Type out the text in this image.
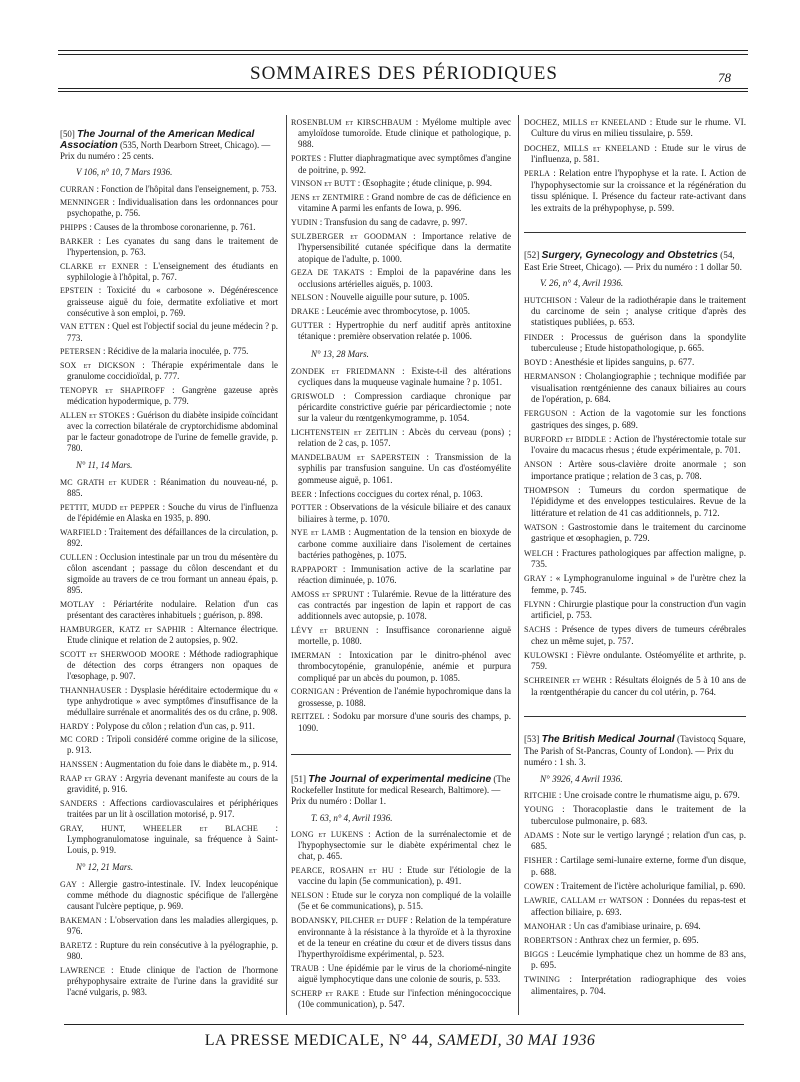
SOMMAIRES DES PÉRIODIQUES	78

[50] The Journal of the American Medical Association (535, North Dearborn Street, Chicago). — Prix du numéro : 25 cents.

V 106, n° 10, 7 Mars 1936.

CURRAN : Fonction de l'hôpital dans l'enseignement, p. 753.

MENNINGER : Individualisation dans les ordonnances pour psychopathe, p. 756.

PHIPPS : Causes de la thrombose coronarienne, p. 761.

BARKER : Les cyanates du sang dans le traitement de l'hypertension, p. 763.

CLARKE et EXNER : L'enseignement des étudiants en syphilologie à l'hôpital, p. 767.

EPSTEIN : Toxicité du « carbosone ». Dégénérescence graisseuse aiguë du foie, dermatite exfoliative et mort consécutive à son emploi, p. 769.

VAN ETTEN : Quel est l'objectif social du jeune médecin ? p. 773.

PETERSEN : Récidive de la malaria inoculée, p. 775.

SOX et DICKSON : Thérapie expérimentale dans le granulome coccidioïdal, p. 777.

TENOPYR et SHAPIROFF : Gangrène gazeuse après médication hypodermique, p. 779.

ALLEN et STOKES : Guérison du diabète insipide coïncidant avec la correction bilatérale de cryptorchidisme abdominal par le facteur gonadotrope de l'urine de femelle gravide, p. 780.

N° 11, 14 Mars.

MC GRATH et KUDER : Réanimation du nouveau-né, p. 885.

PETTIT, MUDD et PEPPER : Souche du virus de l'influenza de l'épidémie en Alaska en 1935, p. 890.

WARFIELD : Traitement des défaillances de la circulation, p. 892.

CULLEN : Occlusion intestinale par un trou du mésentère du côlon ascendant ; passage du côlon descendant et du sigmoïde au travers de ce trou formant un anneau épais, p. 895.

MOTLAY : Périartérite nodulaire. Relation d'un cas présentant des caractères inhabituels ; guérison, p. 898.

HAMBURGER, KATZ et SAPHIR : Alternance électrique. Etude clinique et relation de 2 autopsies, p. 902.

SCOTT et SHERWOOD MOORE : Méthode radiographique de détection des corps étrangers non opaques de l'œsophage, p. 907.

THANNHAUSER : Dysplasie héréditaire ectodermique du « type anhydrotique » avec symptômes d'insuffisance de la médullaire surrénale et anormalités des os du crâne, p. 908.

HARDY : Polypose du côlon ; relation d'un cas, p. 911.

MC CORD : Tripoli considéré comme origine de la silicose, p. 913.

HANSSEN : Augmentation du foie dans le diabète m., p. 914.

RAAP et GRAY : Argyria devenant manifeste au cours de la gravidité, p. 916.

SANDERS : Affections cardiovasculaires et périphériques traitées par un lit à oscillation motorisé, p. 917.

GRAY, HUNT, WHEELER et BLACHE : Lymphogranulomatose inguinale, sa fréquence à Saint-Louis, p. 919.

N° 12, 21 Mars.

GAY : Allergie gastro-intestinale. IV. Index leucopénique comme méthode du diagnostic spécifique de l'allergène causant l'ulcère peptique, p. 969.

BAKEMAN : L'observation dans les maladies allergiques, p. 976.

BARETZ : Rupture du rein consécutive à la pyélographie, p. 980.

LAWRENCE : Etude clinique de l'action de l'hormone préhypophysaire extraite de l'urine dans la gravidité sur l'acné vulgaris, p. 983.

ROSENBLUM et KIRSCHBAUM : Myélome multiple avec amyloïdose tumoroïde. Etude clinique et pathologique, p. 988.

PORTES : Flutter diaphragmatique avec symptômes d'angine de poitrine, p. 992.

VINSON et BUTT : Œsophagite ; étude clinique, p. 994.

JENS et ZENTMIRE : Grand nombre de cas de déficience en vitamine A parmi les enfants de Iowa, p. 996.

YUDIN : Transfusion du sang de cadavre, p. 997.

SULZBERGER et GOODMAN : Importance relative de l'hypersensibilité cutanée spécifique dans la dermatite atopique de l'adulte, p. 1000.

GEZA DE TAKATS : Emploi de la papavérine dans les occlusions artérielles aiguës, p. 1003.

NELSON : Nouvelle aiguille pour suture, p. 1005.

DRAKE : Leucémie avec thrombocytose, p. 1005.

GUTTER : Hypertrophie du nerf auditif après antitoxine tétanique : première observation relatée p. 1006.

N° 13, 28 Mars.

ZONDEK et FRIEDMANN : Existe-t-il des altérations cycliques dans la muqueuse vaginale humaine ? p. 1051.

GRISWOLD : Compression cardiaque chronique par péricardite constrictive guérie par péricardiectomie ; note sur la valeur du rœntgenkymogramme, p. 1054.

LICHTENSTEIN et ZEITLIN : Abcès du cerveau (pons) ; relation de 2 cas, p. 1057.

MANDELBAUM et SAPERSTEIN : Transmission de la syphilis par transfusion sanguine. Un cas d'ostéomyélite gommeuse aiguë, p. 1061.

BEER : Infections coccigues du cortex rénal, p. 1063.

POTTER : Observations de la vésicule biliaire et des canaux biliaires à terme, p. 1070.

NYE et LAMB : Augmentation de la tension en bioxyde de carbone comme auxiliaire dans l'isolement de certaines bactéries pathogènes, p. 1075.

RAPPAPORT : Immunisation active de la scarlatine par réaction diminuée, p. 1076.

AMOSS et SPRUNT : Tularémie. Revue de la littérature des cas contractés par ingestion de lapin et rapport de cas additionnels avec autopsie, p. 1078.

LÉVY et BRUENN : Insuffisance coronarienne aiguë mortelle, p. 1080.

IMERMAN : Intoxication par le dinitro-phénol avec thrombocytopénie, granulopénie, anémie et purpura compliqué par un abcès du poumon, p. 1085.

CORNIGAN : Prévention de l'anémie hypochromique dans la grossesse, p. 1088.

REITZEL : Sodoku par morsure d'une souris des champs, p. 1090.

[51] The Journal of experimental medicine (The Rockefeller Institute for medical Research, Baltimore). — Prix du numéro : Dollar 1.

T. 63, n° 4, Avril 1936.

LONG et LUKENS : Action de la surrénalectomie et de l'hypophysectomie sur le diabète expérimental chez le chat, p. 465.

PEARCE, ROSAHN et HU : Etude sur l'étiologie de la vaccine du lapin (5e communication), p. 491.

NELSON : Etude sur le coryza non compliqué de la volaille (5e et 6e communications), p. 515.

BODANSKY, PILCHER et DUFF : Relation de la température environnante à la résistance à la thyroïde et à la thyroxine et de la teneur en créatine du cœur et de divers tissus dans l'hyperthyroïdisme expérimental, p. 523.

TRAUB : Une épidémie par le virus de la choriomé-ningite aiguë lymphocytique dans une colonie de souris, p. 533.

SCHERP et RAKE : Etude sur l'infection méningococcique (10e communication), p. 547.

DOCHEZ, MILLS et KNEELAND : Etude sur le rhume. VI. Culture du virus en milieu tissulaire, p. 559.

DOCHEZ, MILLS et KNEELAND : Etude sur le virus de l'influenza, p. 581.

PERLA : Relation entre l'hypophyse et la rate. I. Action de l'hypophysectomie sur la croissance et la régénération du tissu splénique. I. Présence du facteur rate-activant dans les extraits de la préhypophyse, p. 599.

[52] Surgery, Gynecology and Obstetrics (54, East Erie Street, Chicago). — Prix du numéro : 1 dollar 50.

V. 26, n° 4, Avril 1936.

HUTCHISON : Valeur de la radiothérapie dans le traitement du carcinome de sein ; analyse critique d'après des statistiques publiées, p. 653.

FINDER : Processus de guérison dans la spondylite tuberculeuse ; Etude histopathologique, p. 665.

BOYD : Anesthésie et lipides sanguins, p. 677.

HERMANSON : Cholangiographie ; technique modifiée par visualisation rœntgénienne des canaux biliaires au cours de l'opération, p. 684.

FERGUSON : Action de la vagotomie sur les fonctions gastriques des singes, p. 689.

BURFORD et BIDDLE : Action de l'hystérectomie totale sur l'ovaire du macacus rhesus ; étude expérimentale, p. 701.

ANSON : Artère sous-clavière droite anormale ; son importance pratique ; relation de 3 cas, p. 708.

THOMPSON : Tumeurs du cordon spermatique de l'épididyme et des enveloppes testiculaires. Revue de la littérature et relation de 41 cas additionnels, p. 712.

WATSON : Gastrostomie dans le traitement du carcinome gastrique et œsophagien, p. 729.

WELCH : Fractures pathologiques par affection maligne, p. 735.

GRAY : « Lymphogranulome inguinal » de l'urètre chez la femme, p. 745.

FLYNN : Chirurgie plastique pour la construction d'un vagin artificiel, p. 753.

SACHS : Présence de types divers de tumeurs cérébrales chez un même sujet, p. 757.

KULOWSKI : Fièvre ondulante. Ostéomyélite et arthrite, p. 759.

SCHREINER et WEHR : Résultats éloignés de 5 à 10 ans de la rœntgenthérapie du cancer du col utérin, p. 764.

[53] The British Medical Journal (Tavistocq Square, The Parish of St-Pancras, County of London). — Prix du numéro : 1 sh. 3.

N° 3926, 4 Avril 1936.

RITCHIE : Une croisade contre le rhumatisme aigu, p. 679.

YOUNG : Thoracoplastie dans le traitement de la tuberculose pulmonaire, p. 683.

ADAMS : Note sur le vertigo laryngé ; relation d'un cas, p. 685.

FISHER : Cartilage semi-lunaire externe, forme d'un disque, p. 688.

COWEN : Traitement de l'ictère acholurique familial, p. 690.

LAWRIE, CALLAM et WATSON : Données du repas-test et affection biliaire, p. 693.

MANOHAR : Un cas d'amibiase urinaire, p. 694.

ROBERTSON : Anthrax chez un fermier, p. 695.

BIGGS : Leucémie lymphatique chez un homme de 83 ans, p. 695.

TWINING : Interprétation radiographique des voies alimentaires, p. 704.

LA PRESSE MEDICALE, N° 44, SAMEDI, 30 MAI 1936
